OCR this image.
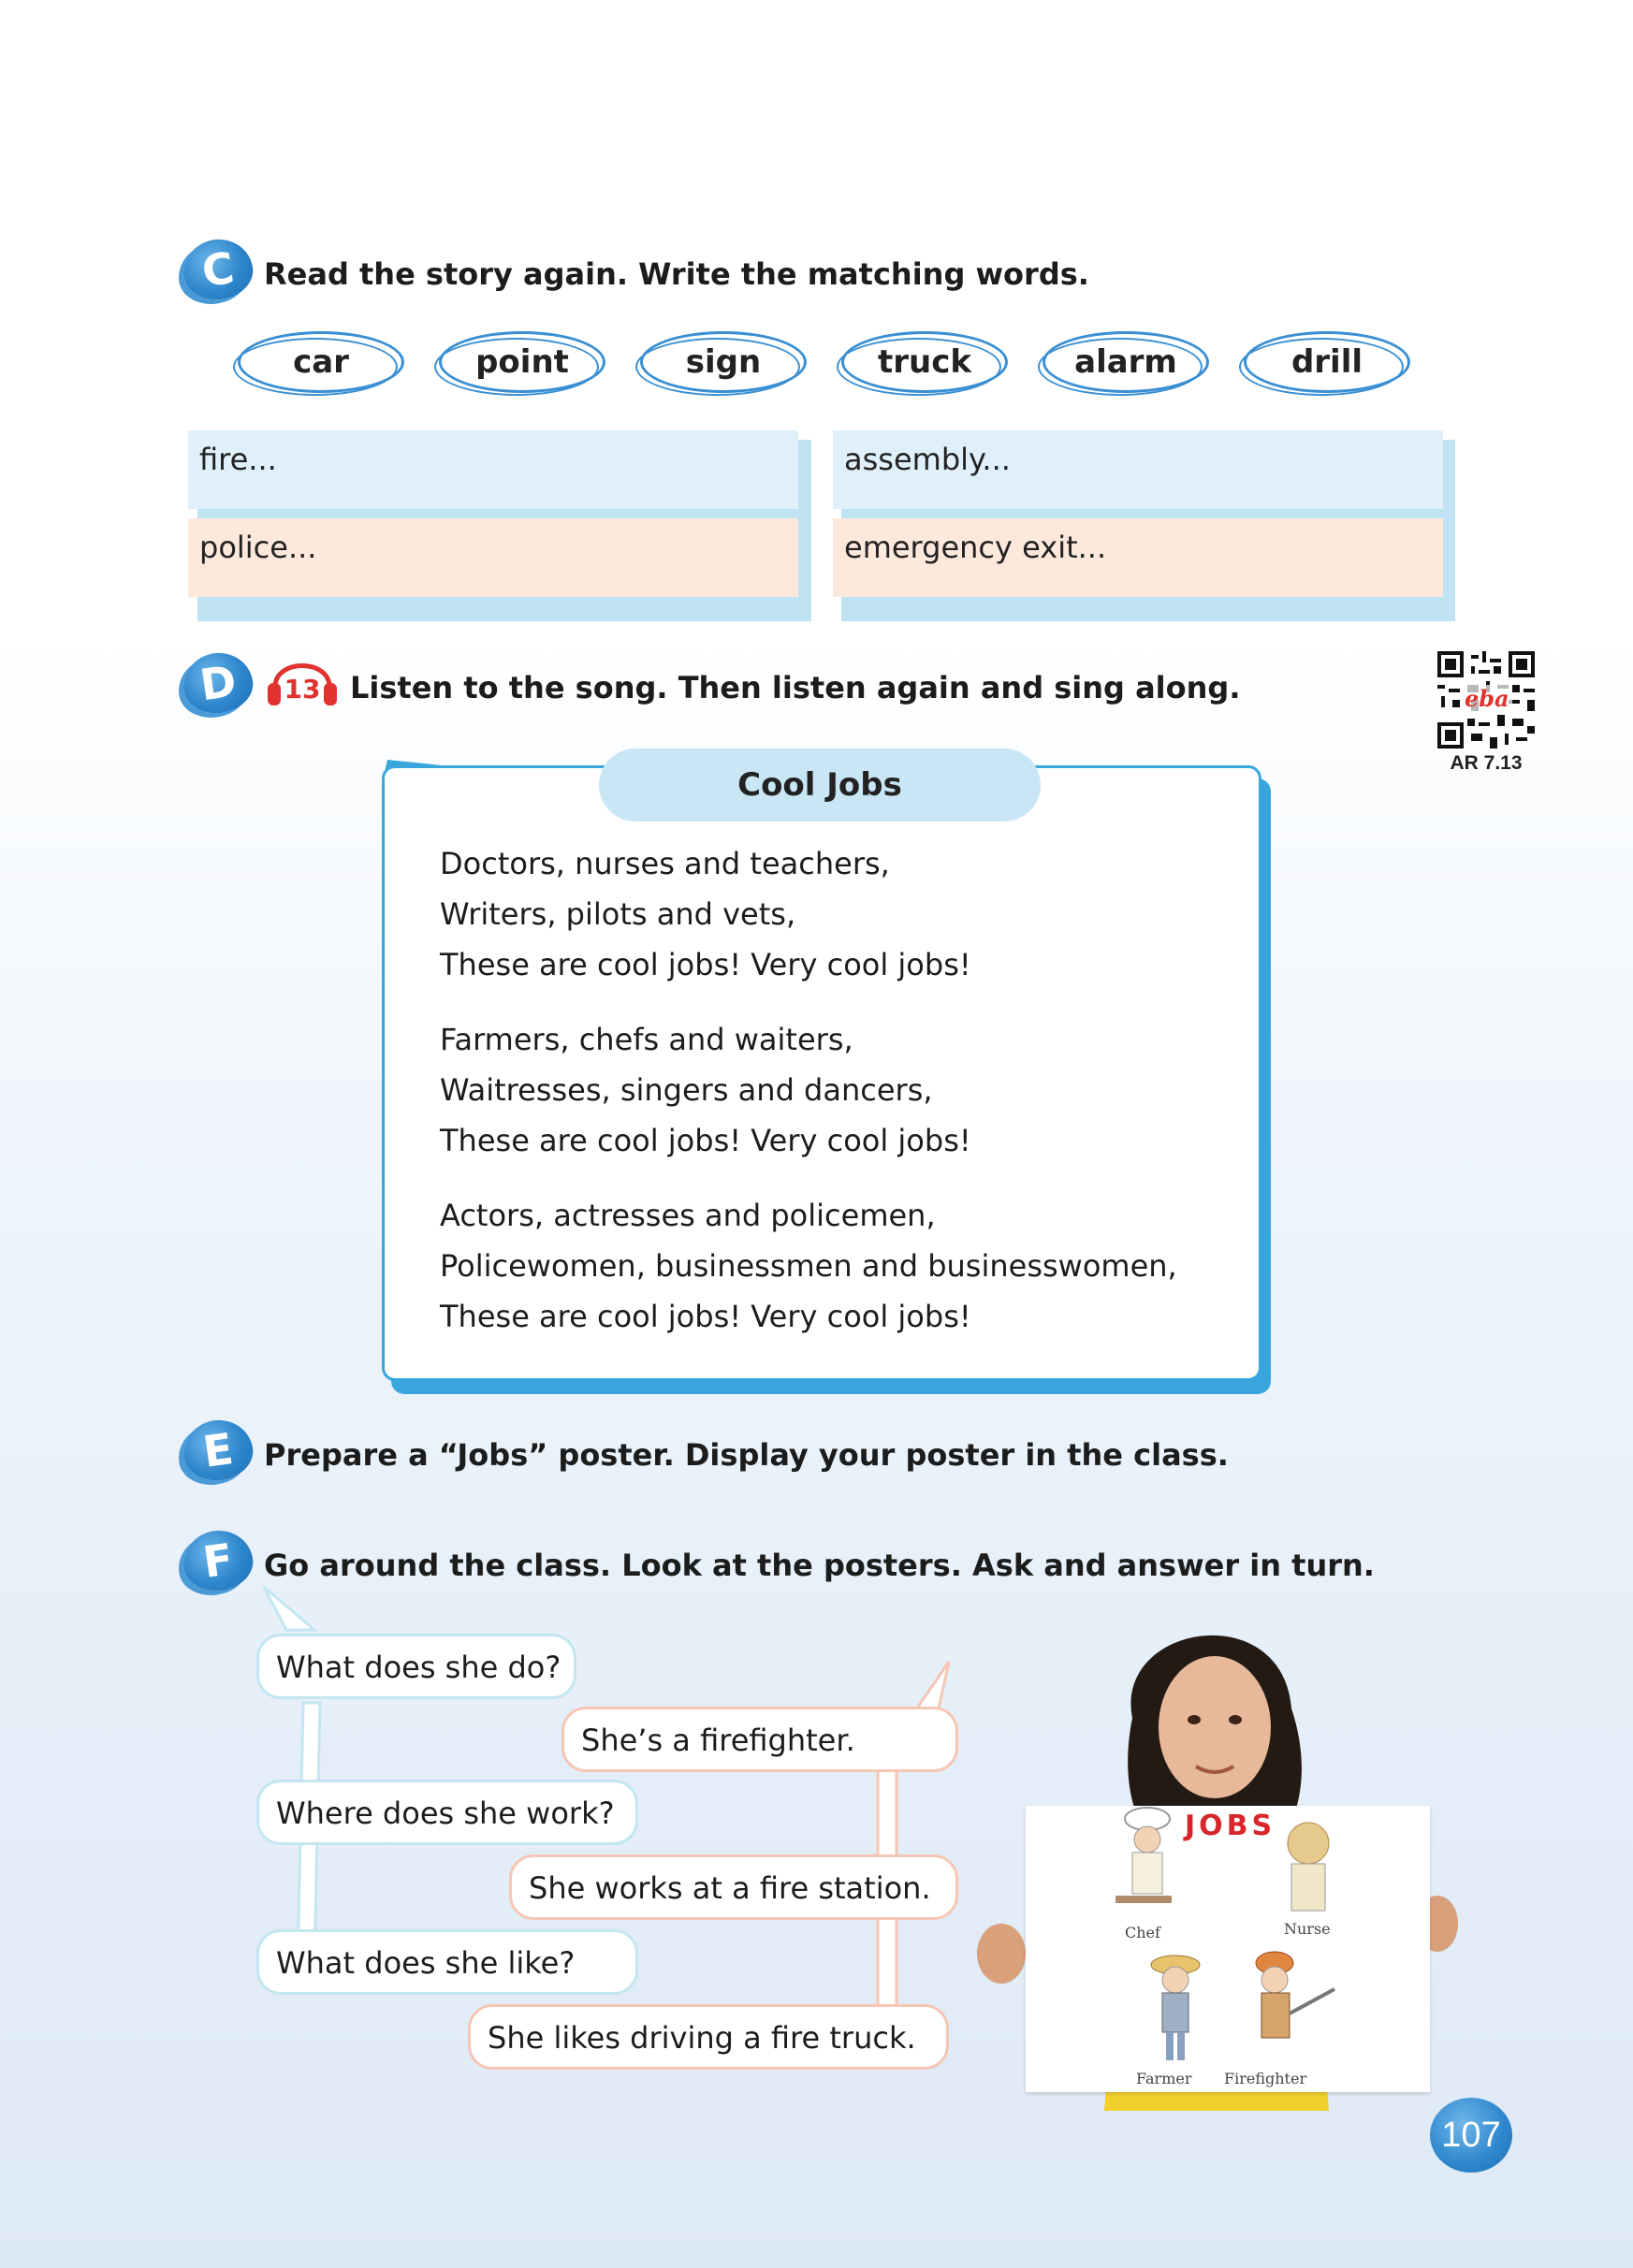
C Read the story again. Write the matching words.
car	point	sign	truck	alarm	drill
fire...
police...
assembly...
emergency exit...
D	13 Listen to the song. Then listen again and sing along.	eba
AR 7.13
Cool Jobs
Doctors, nurses and teachers,
Writers, pilots and vets,
These are cool jobs! Very cool jobs!
Farmers, chefs and waiters,
Waitresses, singers and dancers,
These are cool jobs! Very cool jobs!
Actors, actresses and policemen,
Policewomen, businessmen and businesswomen,
These are cool jobs! Very cool jobs!
E Prepare a “Jobs” poster. Display your poster in the class.
F Go around the class. Look at the posters. Ask and answer in turn.
What does she do?
She’s a firefighter.
Where does she work?
She works at a fire station.
What does she like?
She likes driving a fire truck.
JOBS
Chef	Nurse
Farmer Firefighter
107
